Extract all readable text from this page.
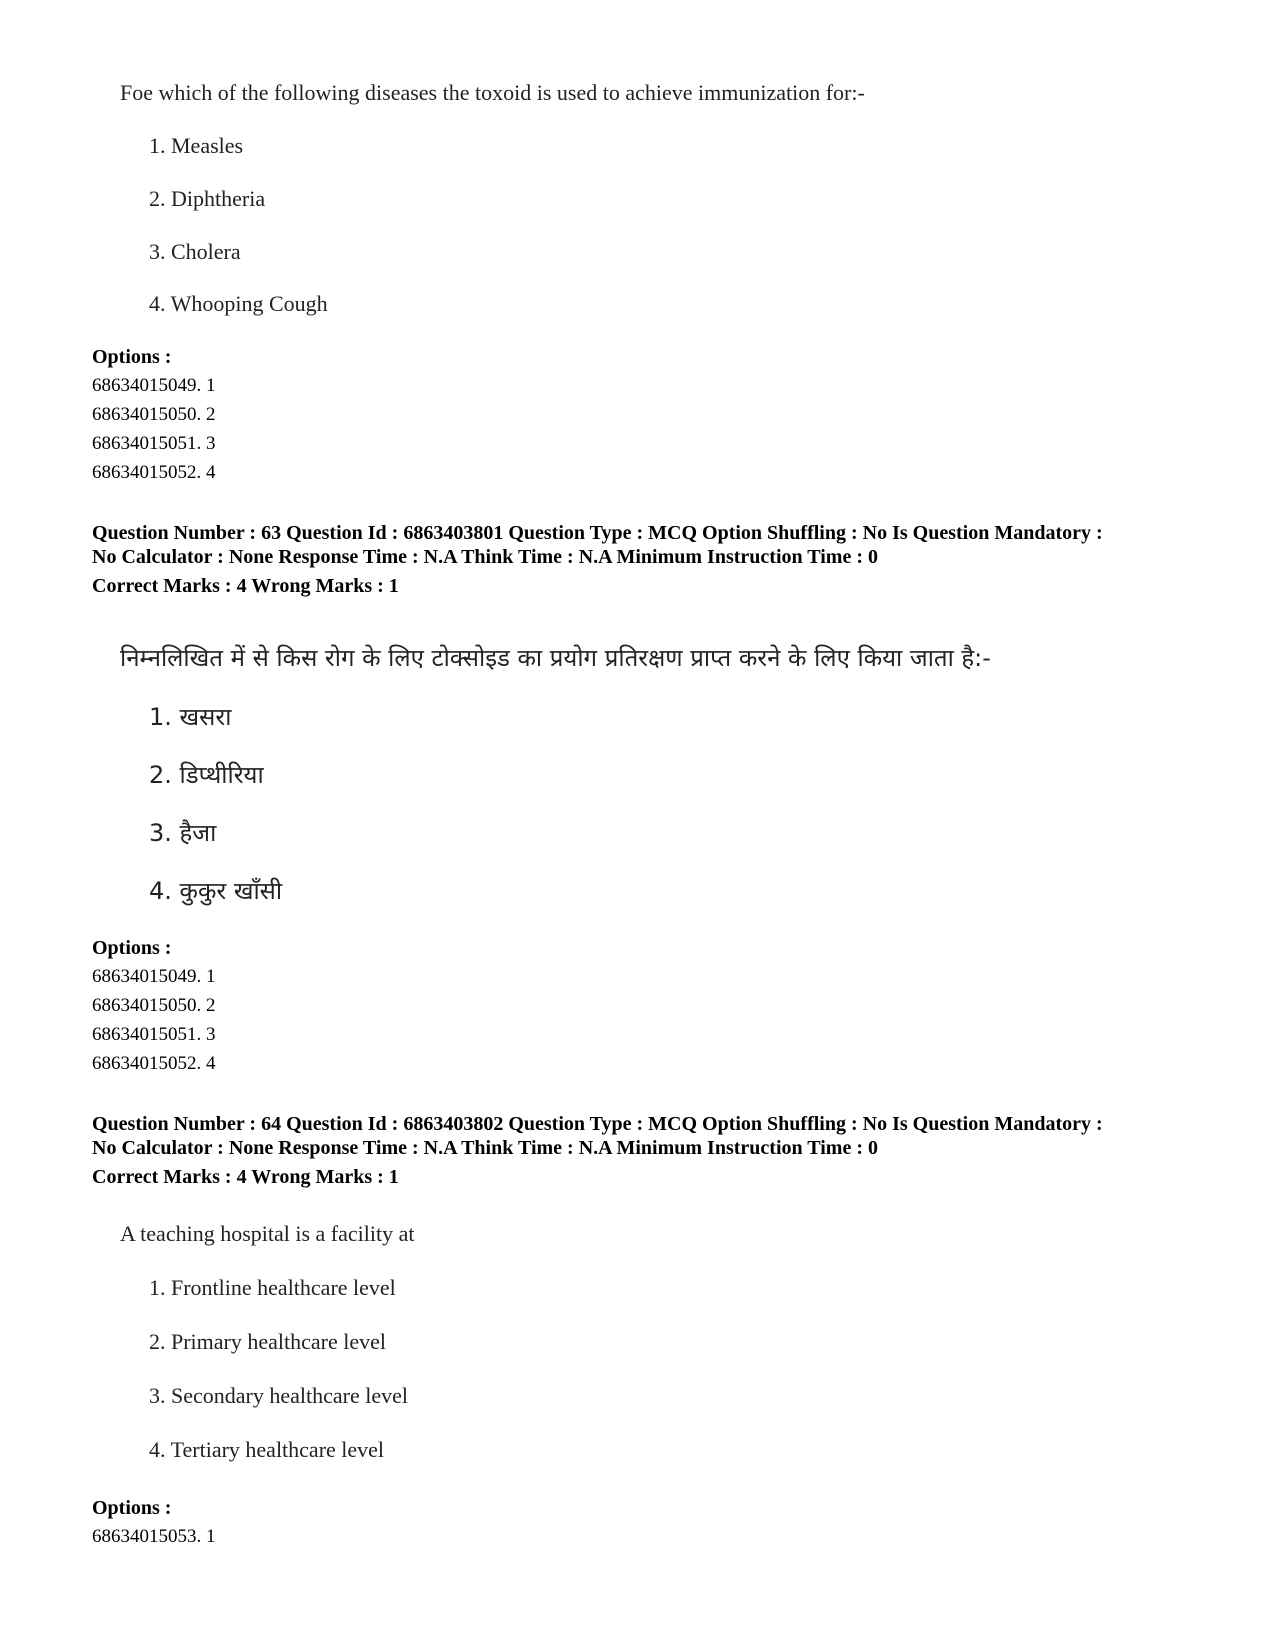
Foe which of the following diseases the toxoid is used to achieve immunization for:-
1. Measles
2. Diphtheria
3. Cholera
4. Whooping Cough
Options :
68634015049. 1
68634015050. 2
68634015051. 3
68634015052. 4
Question Number : 63 Question Id : 6863403801 Question Type : MCQ Option Shuffling : No Is Question Mandatory :
No Calculator : None Response Time : N.A Think Time : N.A Minimum Instruction Time : 0
Correct Marks : 4 Wrong Marks : 1
निम्नलिखित में से किस रोग के लिए टोक्सोइड का प्रयोग प्रतिरक्षण प्राप्त करने के लिए किया जाता है:-
1. खसरा
2. डिप्थीरिया
3. हैजा
4. कुकुर खाँसी
Options :
68634015049. 1
68634015050. 2
68634015051. 3
68634015052. 4
Question Number : 64 Question Id : 6863403802 Question Type : MCQ Option Shuffling : No Is Question Mandatory :
No Calculator : None Response Time : N.A Think Time : N.A Minimum Instruction Time : 0
Correct Marks : 4 Wrong Marks : 1
A teaching hospital is a facility at
1. Frontline healthcare level
2. Primary healthcare level
3. Secondary healthcare level
4. Tertiary healthcare level
Options :
68634015053. 1
